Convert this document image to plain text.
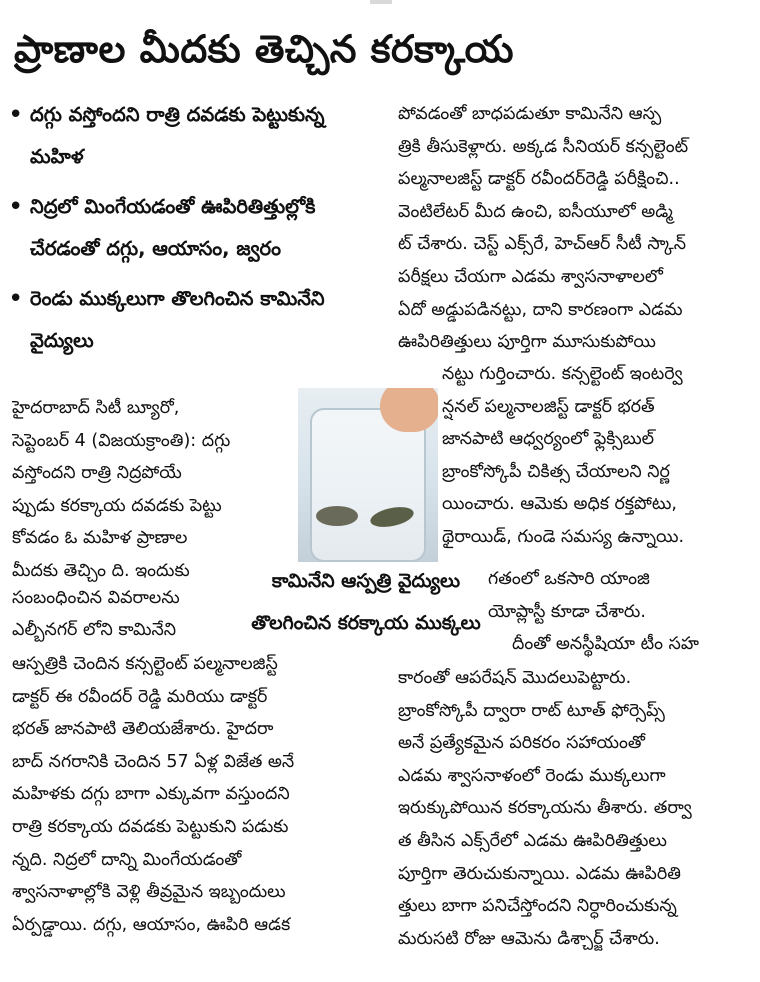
ప్రాణాల మీదకు తెచ్చిన కరక్కాయ
• దగ్గు వస్తోందని రాత్రి దవడకు పెట్టుకున్న మహిళ
• నిద్రలో మింగేయడంతో ఊపిరితిత్తుల్లోకి చేరడంతో దగ్గు, ఆయాసం, జ్వరం
• రెండు ముక్కలుగా తొలగించిన కామినేని వైద్యులు
కామినేని ఆస్పత్రి వైద్యులు
తొలగించిన కరక్కాయ ముక్కలు
హైదరాబాద్ సిటీ బ్యూరో,
సెప్టెంబర్ 4 (విజయక్రాంతి): దగ్గు
వస్తోందని రాత్రి నిద్రపోయే
ప్పుడు కరక్కాయ దవడకు పెట్టు
కోవడం ఓ మహిళ ప్రాణాల
మీదకు తెచ్చిం ది. ఇందుకు
సంబంధించిన వివరాలను
ఎల్బీనగర్ లోని కామినేని
ఆస్పత్రికి చెందిన కన్సల్టెంట్ పల్మనాలజిస్ట్
డాక్టర్ ఈ రవీందర్ రెడ్డి మరియు డాక్టర్
భరత్ జానపాటి తెలియజేశారు. హైదరా
బాద్ నగరానికి చెందిన 57 ఏళ్ల విజేత అనే
మహిళకు దగ్గు బాగా ఎక్కువగా వస్తుందని
రాత్రి కరక్కాయ దవడకు పెట్టుకుని పడుకు
న్నది. నిద్రలో దాన్ని మింగేయడంతో
శ్వాసనాళాల్లోకి వెళ్లి తీవ్రమైన ఇబ్బందులు
ఏర్పడ్డాయి. దగ్గు, ఆయాసం, ఊపిరి ఆడక
పోవడంతో బాధపడుతూ కామినేని ఆస్ప
త్రికి తీసుకెళ్లారు. అక్కడ సీనియర్ కన్సల్టెంట్
పల్మనాలజిస్ట్ డాక్టర్ రవీందర్‌రెడ్డి పరీక్షించి..
వెంటిలేటర్ మీద ఉంచి, ఐసీయూలో అడ్మి
ట్ చేశారు. చెస్ట్ ఎక్స్‌రే, హెచ్‌ఆర్ సీటీ స్కాన్
పరీక్షలు చేయగా ఎడమ శ్వాసనాళాలలో
ఏదో అడ్డుపడినట్టు, దాని కారణంగా ఎడమ
ఊపిరితిత్తులు పూర్తిగా మూసుకుపోయి
నట్టు గుర్తించారు. కన్సల్టెంట్ ఇంటర్వె
న్షనల్ పల్మనాలజిస్ట్ డాక్టర్ భరత్
జానపాటి ఆధ్వర్యంలో ఫ్లెక్సిబుల్
బ్రాంకోస్కోపీ చికిత్స చేయాలని నిర్ణ
యించారు. ఆమెకు అధిక రక్తపోటు,
థైరాయిడ్, గుండె సమస్య ఉన్నాయి.
గతంలో ఒకసారి యాంజి
యోప్లాస్టీ కూడా చేశారు.
దీంతో అనస్థీషియా టీం సహ
కారంతో ఆపరేషన్ మొదలుపెట్టారు.
బ్రాంకోస్కోపీ ద్వారా రాట్ టూత్ ఫోర్సెప్స్
అనే ప్రత్యేకమైన పరికరం సహాయంతో
ఎడమ శ్వాసనాళంలో రెండు ముక్కలుగా
ఇరుక్కుపోయిన కరక్కాయను తీశారు. తర్వా
త తీసిన ఎక్స్‌రేలో ఎడమ ఊపిరితిత్తులు
పూర్తిగా తెరుచుకున్నాయి. ఎడమ ఊపిరితి
త్తులు బాగా పనిచేస్తోందని నిర్ధారించుకున్న
మరుసటి రోజు ఆమెను డిశ్చార్జ్ చేశారు.
